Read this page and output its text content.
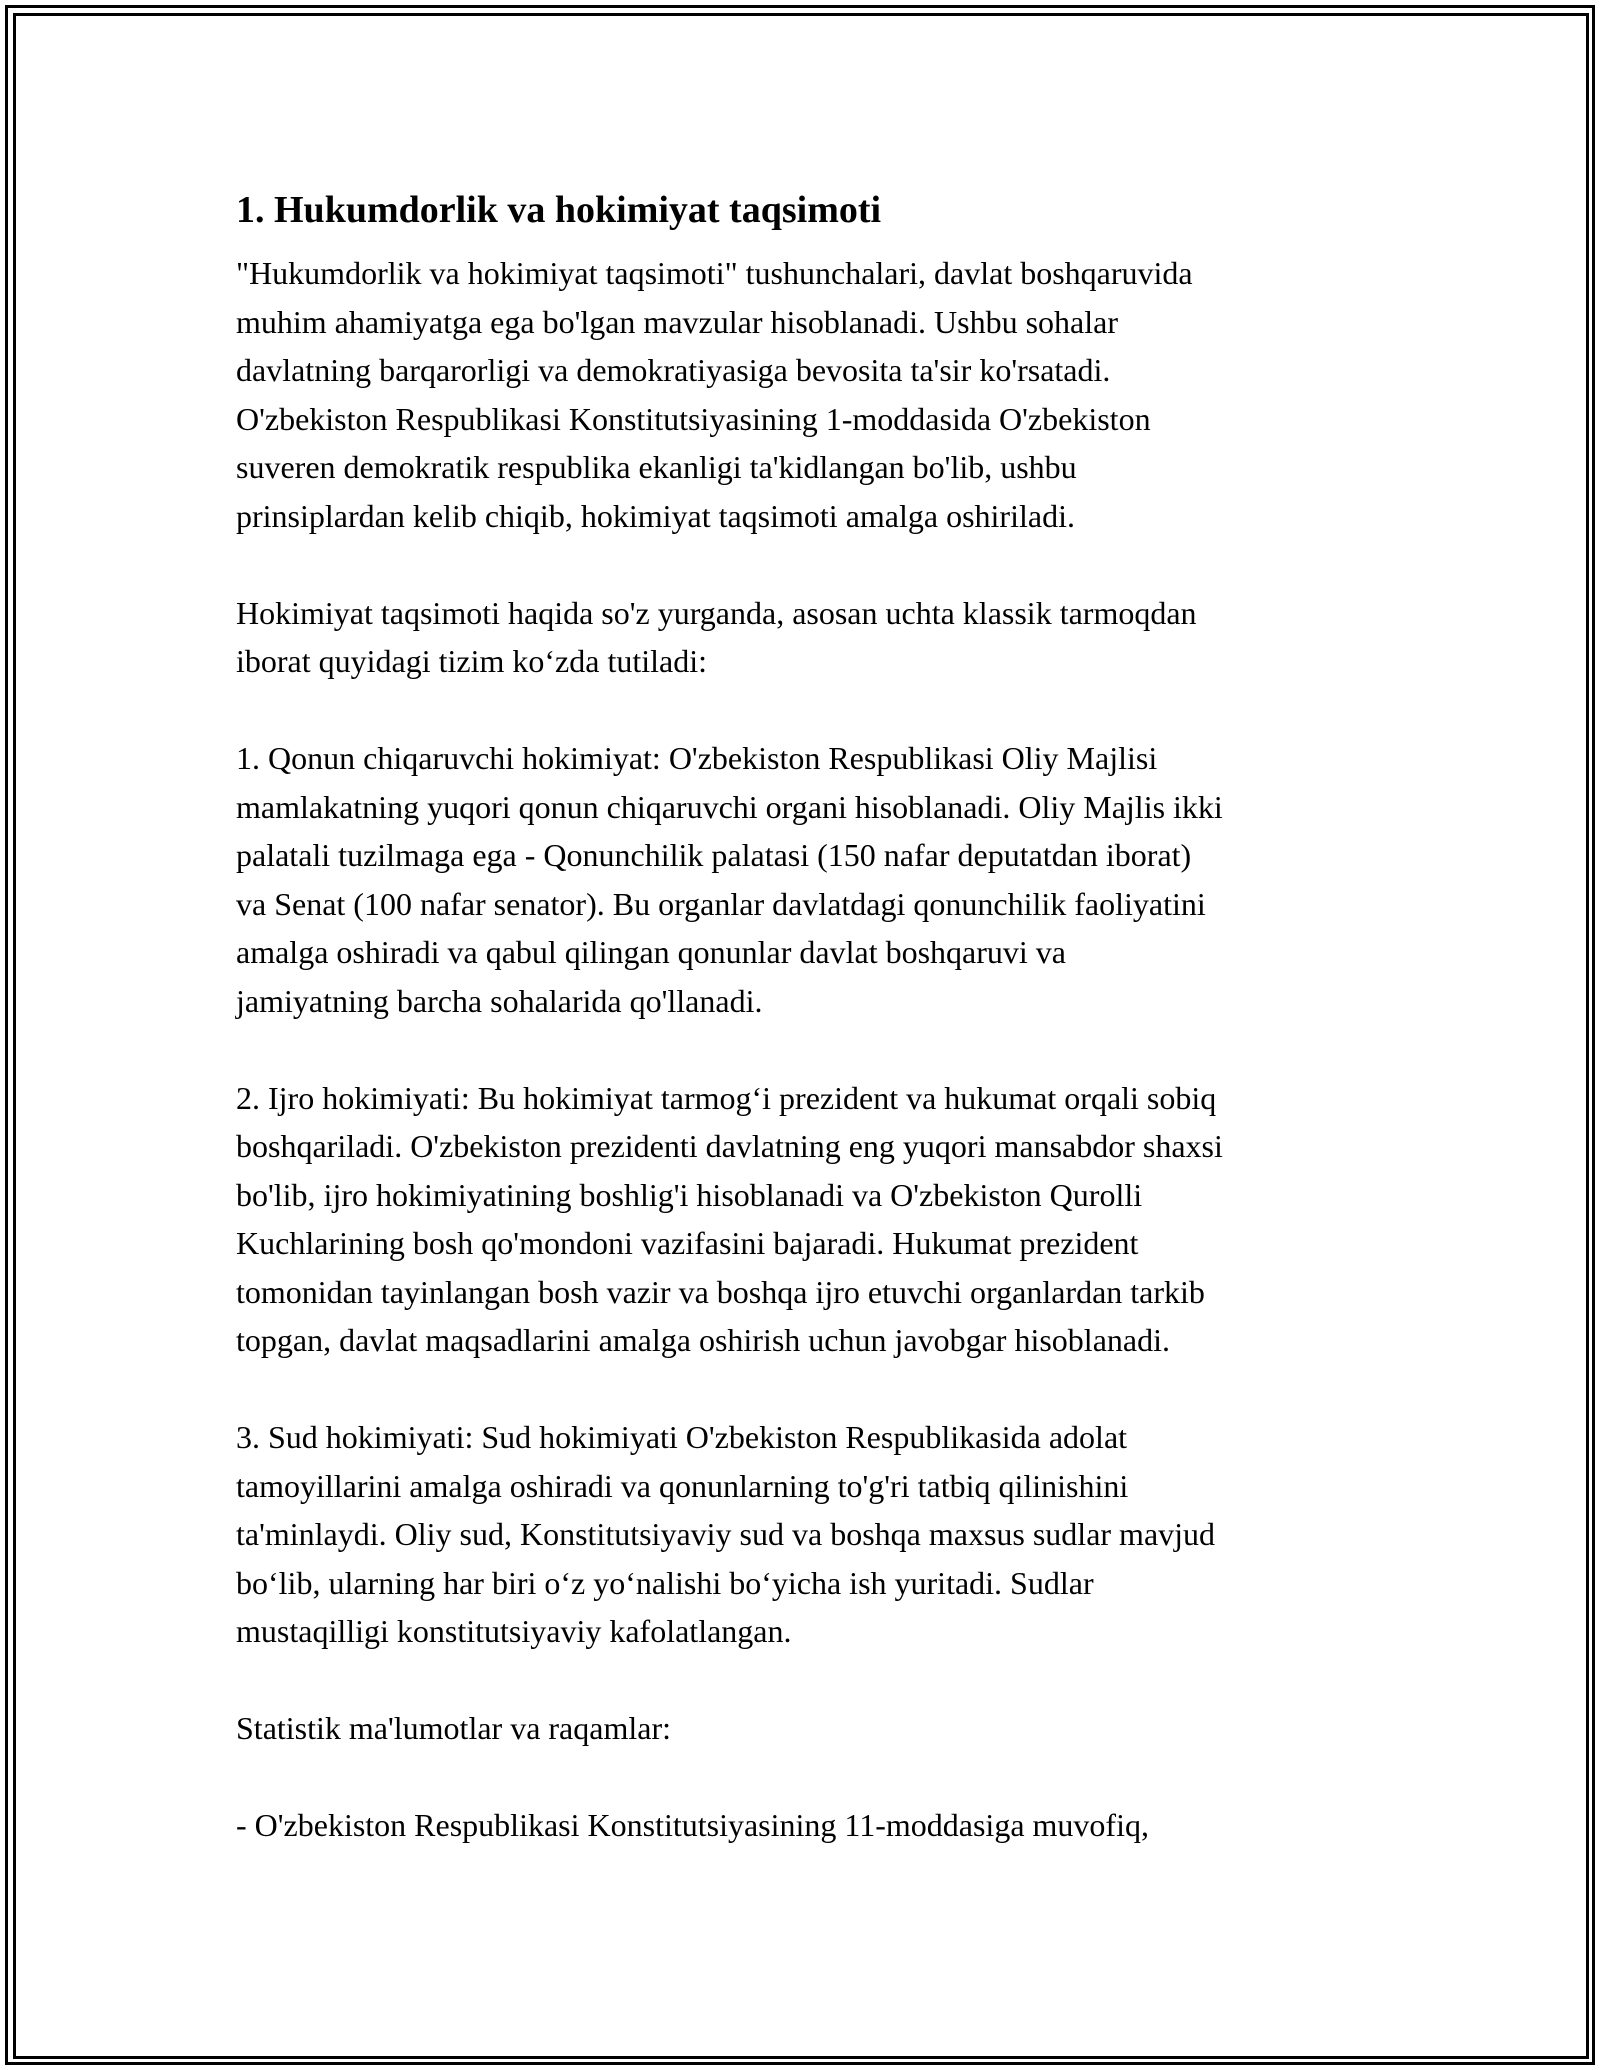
1. Hukumdorlik va hokimiyat taqsimoti
"Hukumdorlik va hokimiyat taqsimoti" tushunchalari, davlat boshqaruvida
muhim ahamiyatga ega bo'lgan mavzular hisoblanadi. Ushbu sohalar
davlatning barqarorligi va demokratiyasiga bevosita ta'sir ko'rsatadi.
O'zbekiston Respublikasi Konstitutsiyasining 1-moddasida O'zbekiston
suveren demokratik respublika ekanligi ta'kidlangan bo'lib, ushbu
prinsiplardan kelib chiqib, hokimiyat taqsimoti amalga oshiriladi.
Hokimiyat taqsimoti haqida so'z yurganda, asosan uchta klassik tarmoqdan
iborat quyidagi tizim ko‘zda tutiladi:
1. Qonun chiqaruvchi hokimiyat: O'zbekiston Respublikasi Oliy Majlisi
mamlakatning yuqori qonun chiqaruvchi organi hisoblanadi. Oliy Majlis ikki
palatali tuzilmaga ega - Qonunchilik palatasi (150 nafar deputatdan iborat)
va Senat (100 nafar senator). Bu organlar davlatdagi qonunchilik faoliyatini
amalga oshiradi va qabul qilingan qonunlar davlat boshqaruvi va
jamiyatning barcha sohalarida qo'llanadi.
2. Ijro hokimiyati: Bu hokimiyat tarmog‘i prezident va hukumat orqali sobiq
boshqariladi. O'zbekiston prezidenti davlatning eng yuqori mansabdor shaxsi
bo'lib, ijro hokimiyatining boshlig'i hisoblanadi va O'zbekiston Qurolli
Kuchlarining bosh qo'mondoni vazifasini bajaradi. Hukumat prezident
tomonidan tayinlangan bosh vazir va boshqa ijro etuvchi organlardan tarkib
topgan, davlat maqsadlarini amalga oshirish uchun javobgar hisoblanadi.
3. Sud hokimiyati: Sud hokimiyati O'zbekiston Respublikasida adolat
tamoyillarini amalga oshiradi va qonunlarning to'g'ri tatbiq qilinishini
ta'minlaydi. Oliy sud, Konstitutsiyaviy sud va boshqa maxsus sudlar mavjud
bo‘lib, ularning har biri o‘z yo‘nalishi bo‘yicha ish yuritadi. Sudlar
mustaqilligi konstitutsiyaviy kafolatlangan.
Statistik ma'lumotlar va raqamlar:
- O'zbekiston Respublikasi Konstitutsiyasining 11-moddasiga muvofiq,
